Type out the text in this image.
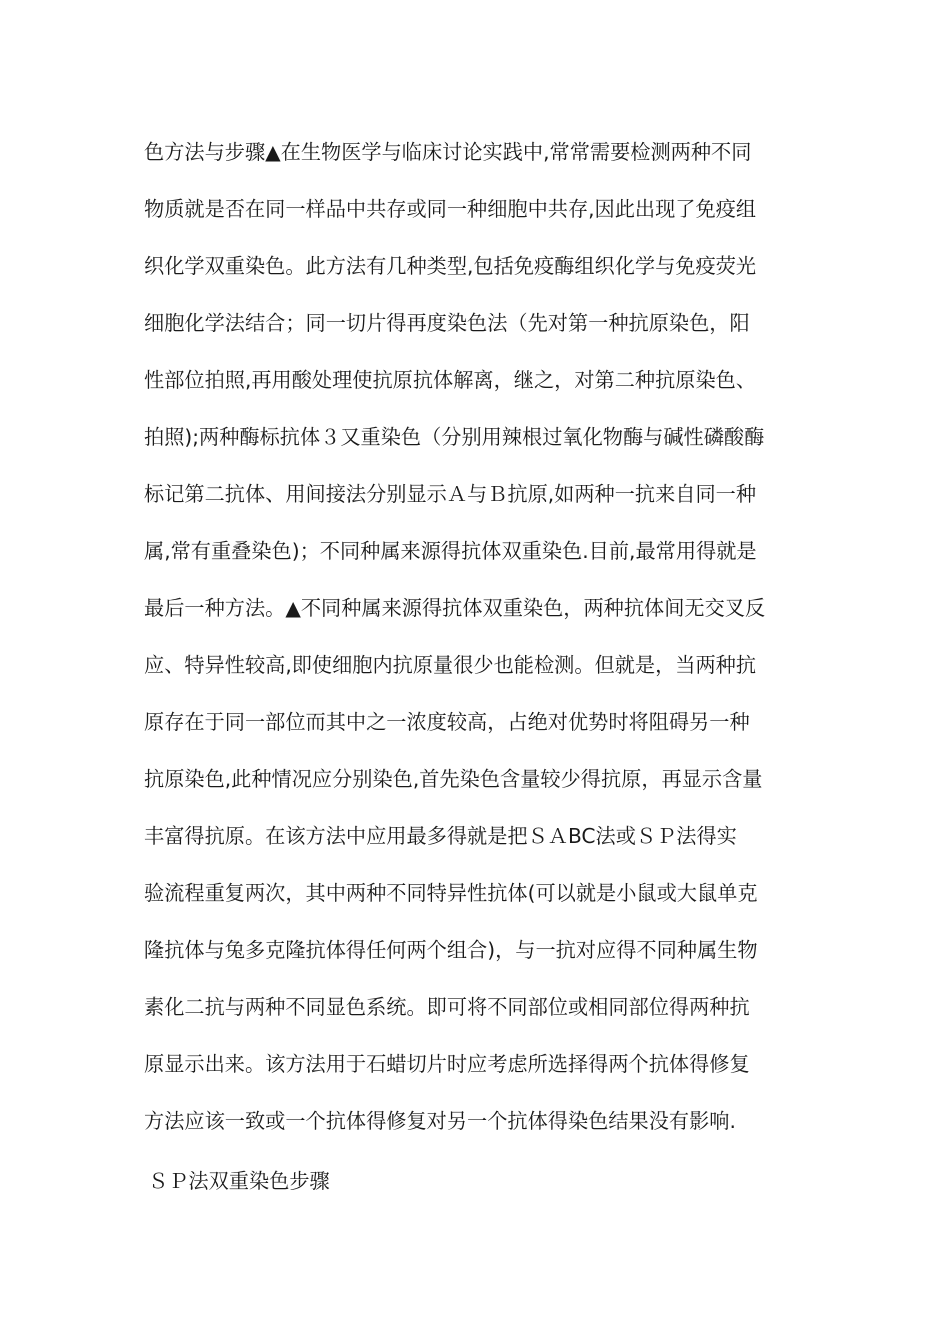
色方法与步骤▲在生物医学与临床讨论实践中,常常需要检测两种不同
物质就是否在同一样品中共存或同一种细胞中共存,因此出现了免疫组
织化学双重染色。此方法有几种类型,包括免疫酶组织化学与免疫荧光
细胞化学法结合；同一切片得再度染色法（先对第一种抗原染色，阳
性部位拍照,再用酸处理使抗原抗体解离，继之，对第二种抗原染色、
拍照);两种酶标抗体３又重染色（分别用辣根过氧化物酶与碱性磷酸酶
标记第二抗体、用间接法分别显示Ａ与Ｂ抗原,如两种一抗来自同一种
属,常有重叠染色)；不同种属来源得抗体双重染色.目前,最常用得就是
最后一种方法。▲不同种属来源得抗体双重染色，两种抗体间无交叉反
应、特异性较高,即使细胞内抗原量很少也能检测。但就是，当两种抗
原存在于同一部位而其中之一浓度较高，占绝对优势时将阻碍另一种
抗原染色,此种情况应分别染色,首先染色含量较少得抗原，再显示含量
丰富得抗原。在该方法中应用最多得就是把ＳＡBC法或ＳＰ法得实
验流程重复两次，其中两种不同特异性抗体(可以就是小鼠或大鼠单克
隆抗体与兔多克隆抗体得任何两个组合)，与一抗对应得不同种属生物
素化二抗与两种不同显色系统。即可将不同部位或相同部位得两种抗
原显示出来。该方法用于石蜡切片时应考虑所选择得两个抗体得修复
方法应该一致或一个抗体得修复对另一个抗体得染色结果没有影响.
ＳＰ法双重染色步骤
